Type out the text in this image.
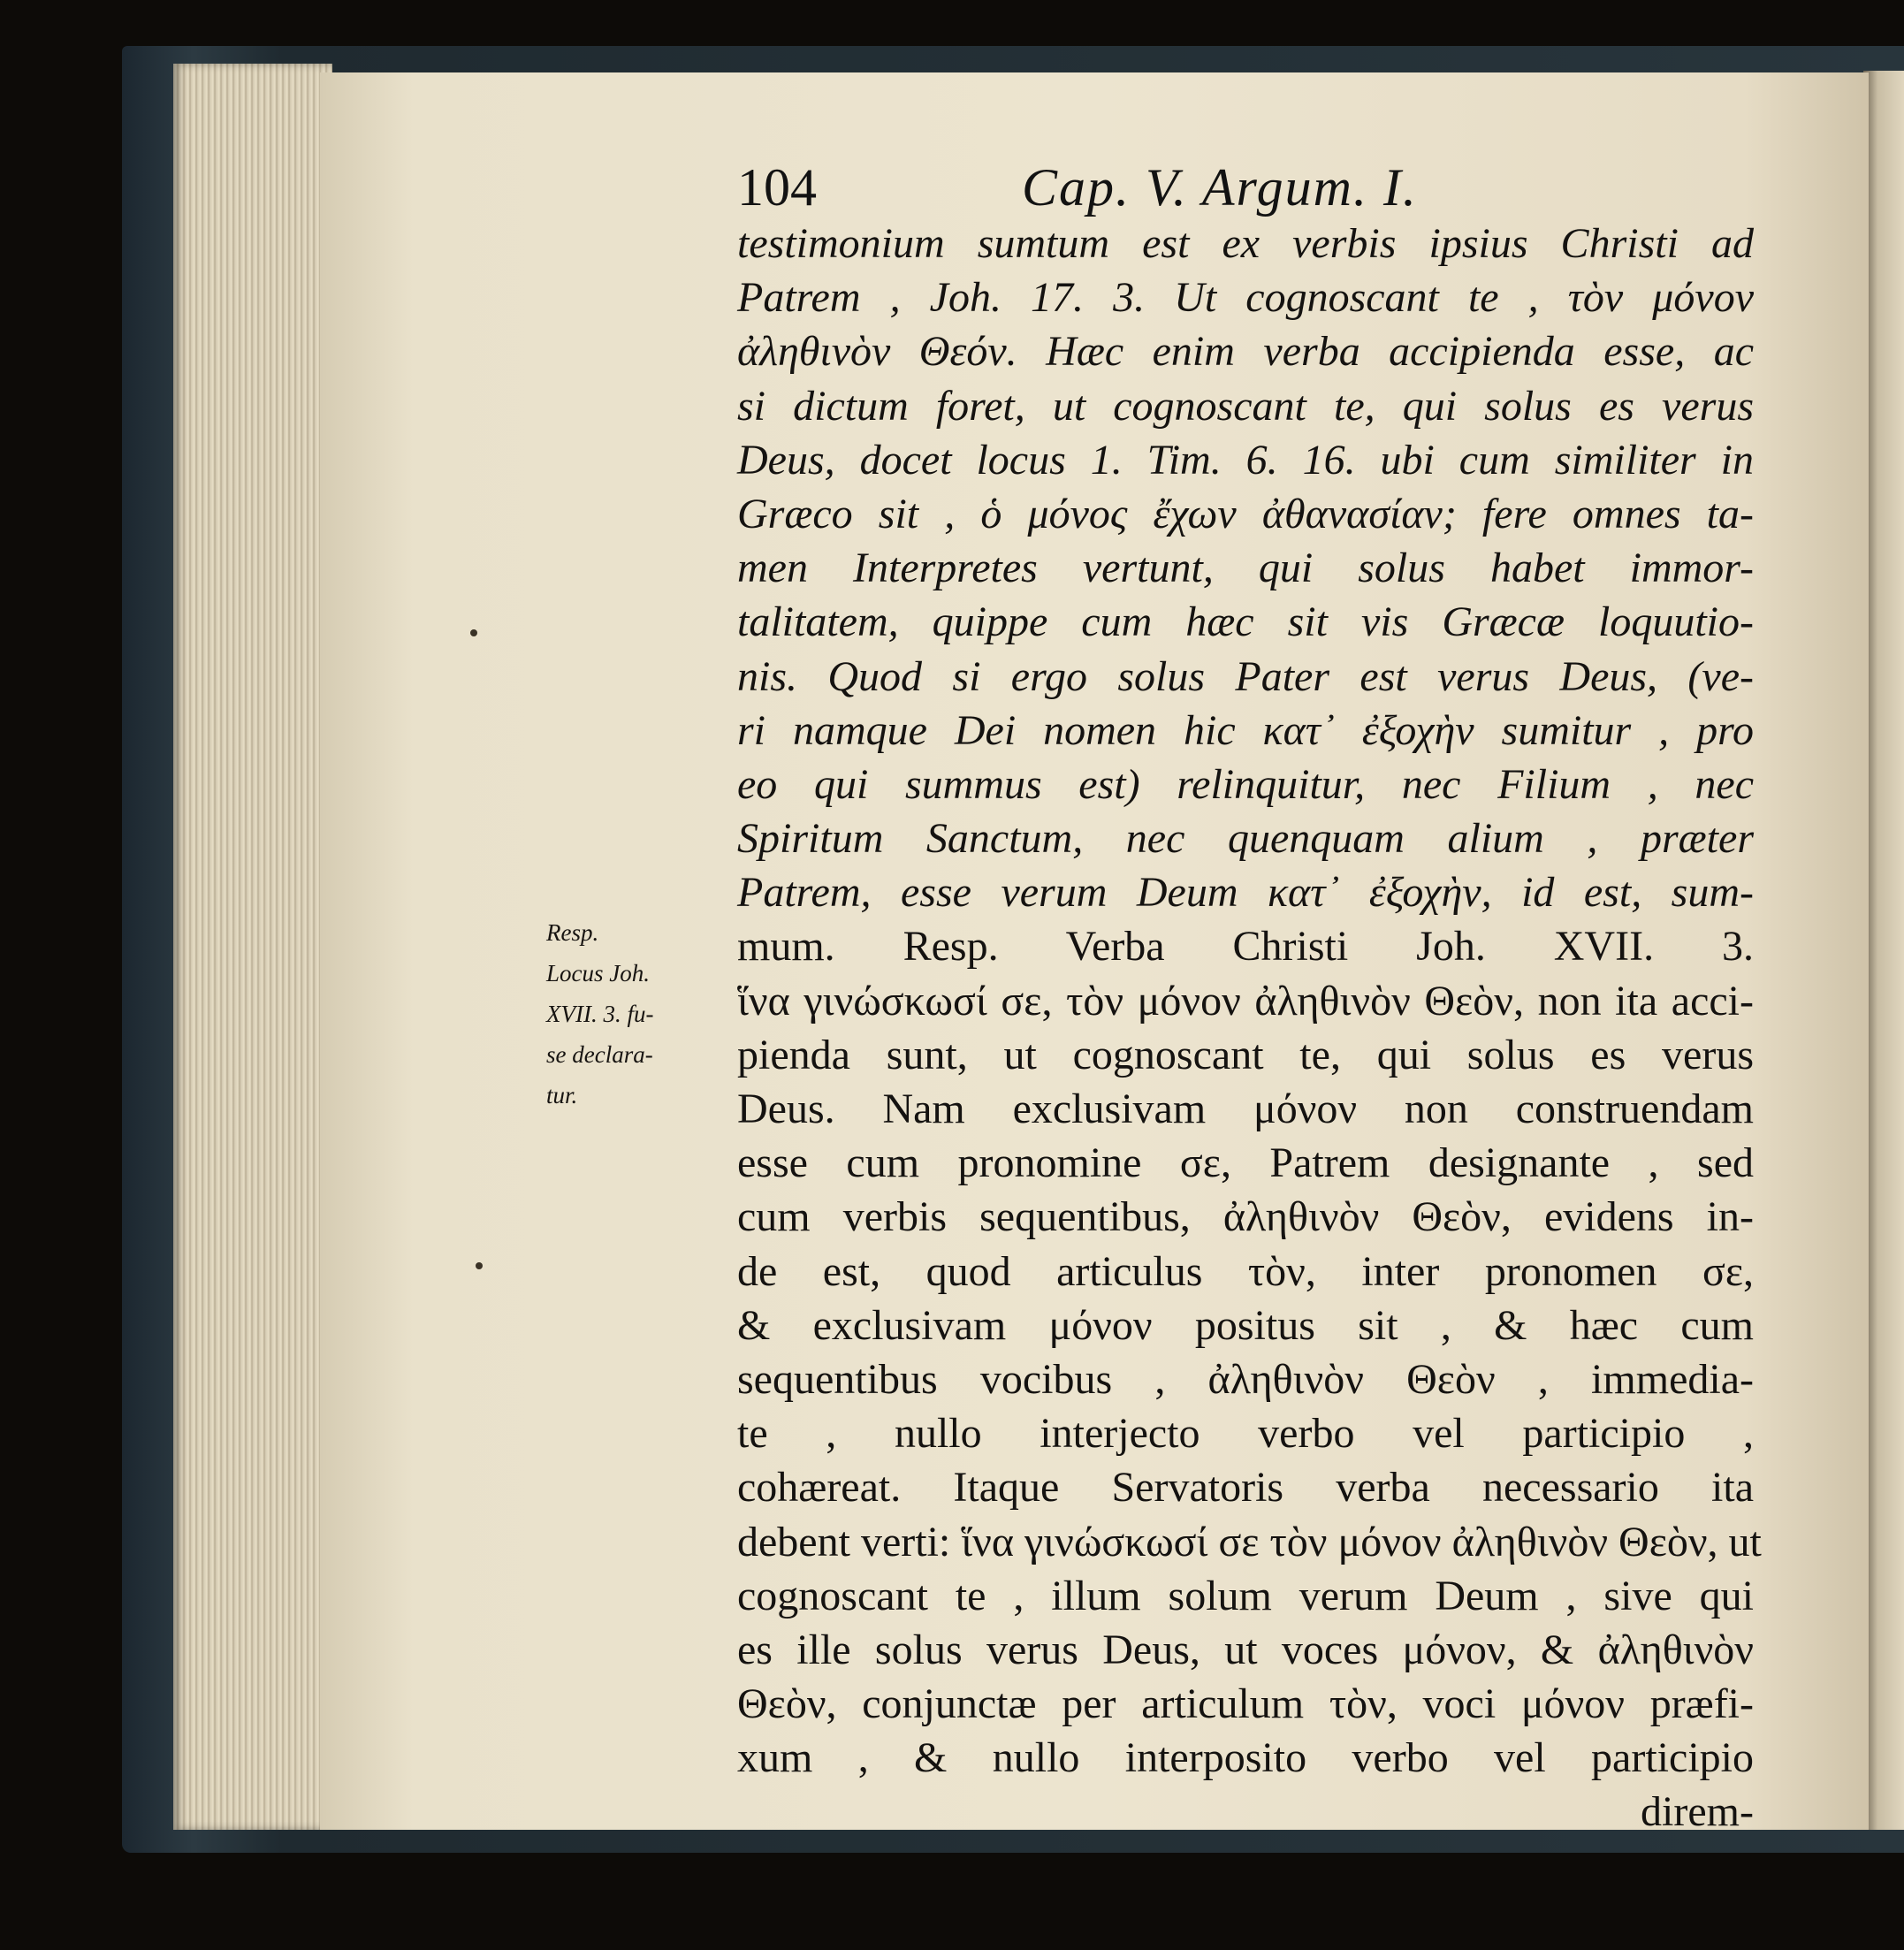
104	Cap. V. Argum. I.
Resp.
Locus Joh.
XVII. 3. fu-
se declara-
tur.
testimonium sumtum est ex verbis ipsius Christi ad
Patrem , Joh. 17. 3. Ut cognoscant te , τὸν μόνον
ἀληθινὸν Θεόν. Hæc enim verba accipienda esse, ac
si dictum foret, ut cognoscant te, qui solus es verus
Deus, docet locus 1. Tim. 6. 16. ubi cum similiter in
Græco sit , ὁ μόνος ἔχων ἀθανασίαν; fere omnes ta-
men Interpretes vertunt, qui solus habet immor-
talitatem, quippe cum hæc sit vis Græcæ loquutio-
nis. Quod si ergo solus Pater est verus Deus, (ve-
ri namque Dei nomen hic κατ᾽ ἐξοχὴν sumitur , pro
eo qui summus est) relinquitur, nec Filium , nec
Spiritum Sanctum, nec quenquam alium , præter
Patrem, esse verum Deum κατ᾽ ἐξοχὴν, id est, sum-
mum. Resp. Verba Christi Joh. XVII. 3.
ἵνα γινώσκωσί σε, τὸν μόνον ἀληθινὸν Θεὸν, non ita acci-
pienda sunt, ut cognoscant te, qui solus es verus
Deus. Nam exclusivam μόνον non construendam
esse cum pronomine σε, Patrem designante , sed
cum verbis sequentibus, ἀληθινὸν Θεὸν, evidens in-
de est, quod articulus τὸν, inter pronomen σε,
& exclusivam μόνον positus sit , & hæc cum
sequentibus vocibus , ἀληθινὸν Θεὸν , immedia-
te , nullo interjecto verbo vel participio ,
cohæreat. Itaque Servatoris verba necessario ita
debent verti: ἵνα γινώσκωσί σε τὸν μόνον ἀληθινὸν Θεὸν, ut
cognoscant te , illum solum verum Deum , sive qui
es ille solus verus Deus, ut voces μόνον, & ἀληθινὸν
Θεὸν, conjunctæ per articulum τὸν, voci μόνον præfi-
xum , & nullo interposito verbo vel participio
direm-
